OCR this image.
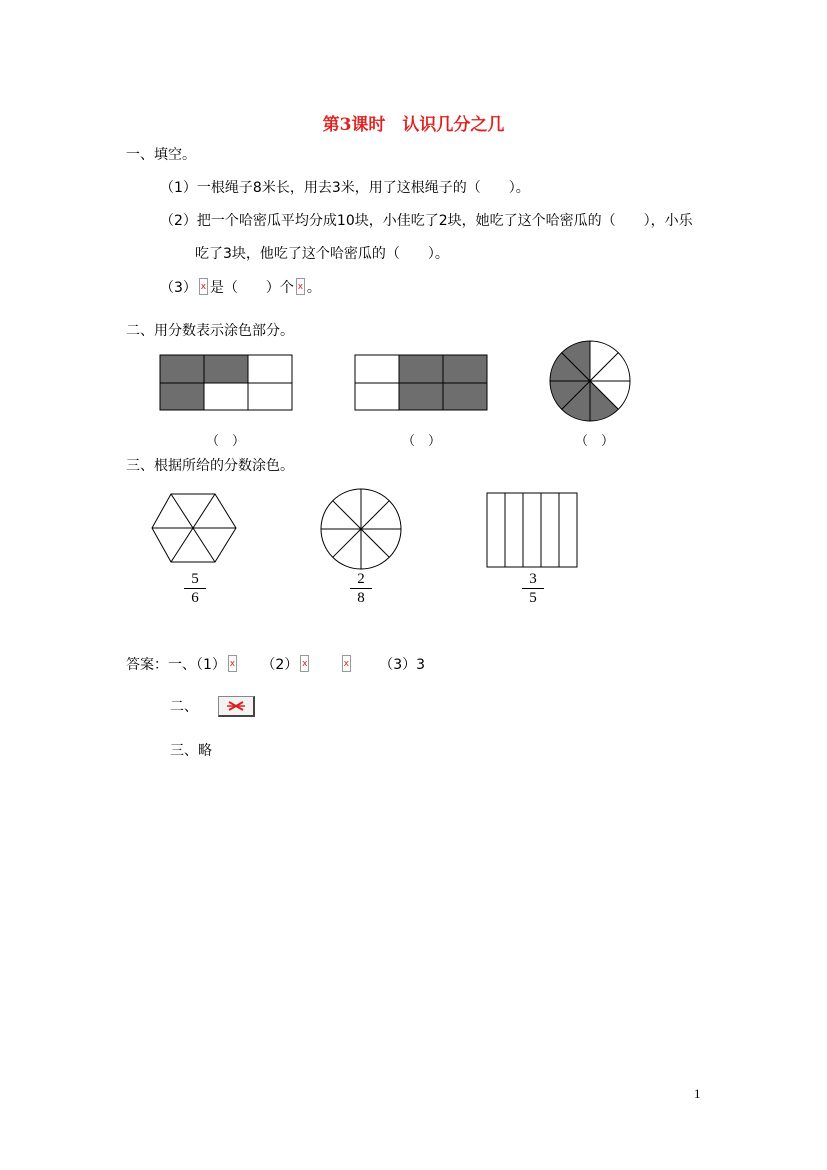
第3课时　认识几分之几
一、填空。
（1）一根绳子8米长，用去3米，用了这根绳子的（　　）。
（2）把一个哈密瓜平均分成10块，小佳吃了2块，她吃了这个哈密瓜的（　　），小乐
吃了3块，他吃了这个哈密瓜的（　　）。
（3） x 是（　　）个 x 。
二、用分数表示涂色部分。
（　）	（　）	（　）
三、根据所给的分数涂色。
5
6
2
8
3
5
答案：一、（1） x	（2） x x	（3）3
二、
三、略
1
